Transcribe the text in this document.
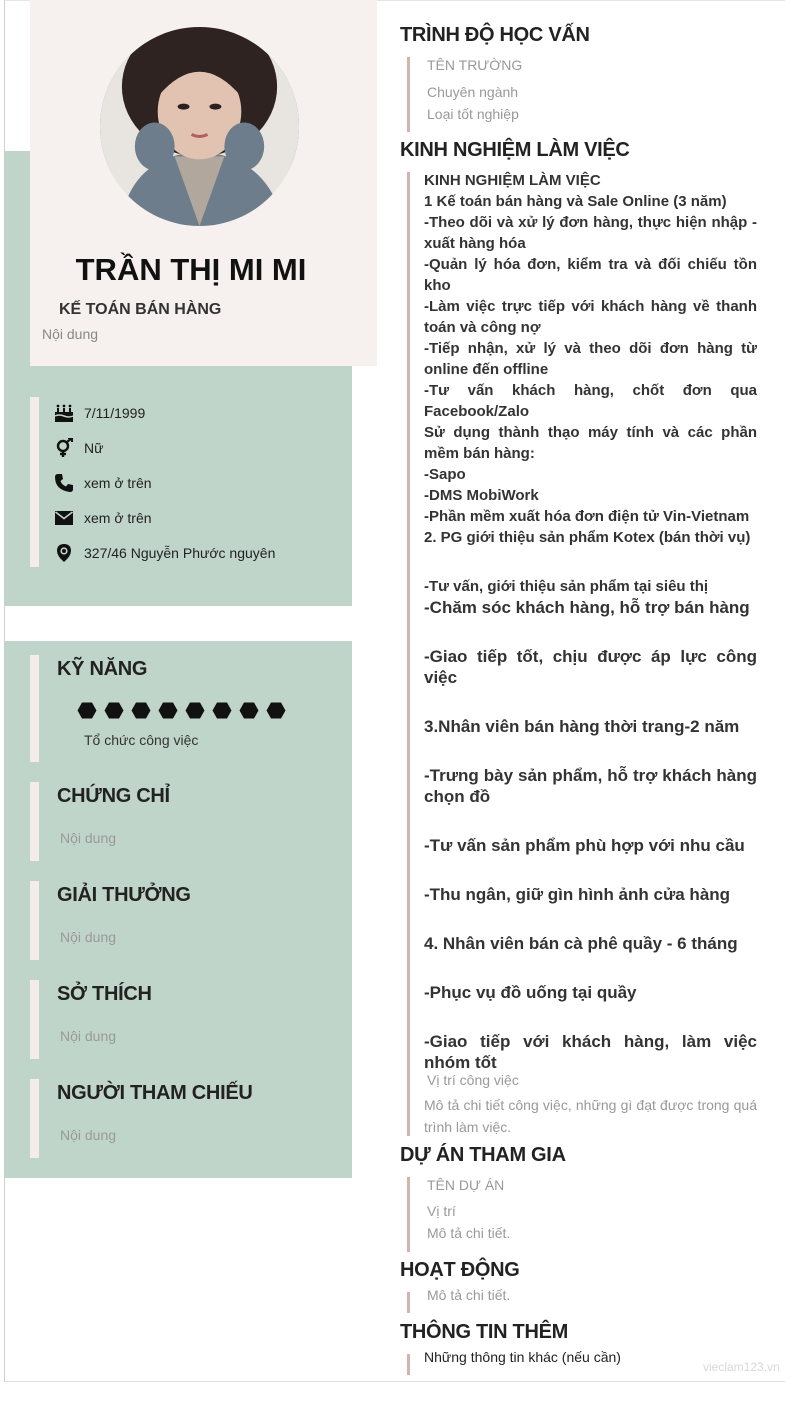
TRẦN THỊ MI MI
KẾ TOÁN BÁN HÀNG
Nội dung
7/11/1999
Nữ
xem ở trên
xem ở trên
327/46 Nguyễn Phước nguyên
KỸ NĂNG
Tổ chức công việc
CHỨNG CHỈ
Nội dung
GIẢI THƯỞNG
Nội dung
SỞ THÍCH
Nội dung
NGƯỜI THAM CHIẾU
Nội dung
TRÌNH ĐỘ HỌC VẤN
TÊN TRƯỜNG
Chuyên ngành
Loại tốt nghiệp
KINH NGHIỆM LÀM VIỆC

KINH NGHIỆM LÀM VIỆC

1 Kế toán bán hàng và Sale Online (3 năm)

-Theo dõi và xử lý đơn hàng, thực hiện nhập - xuất hàng hóa

-Quản lý hóa đơn, kiểm tra và đối chiếu tồn kho

-Làm việc trực tiếp với khách hàng về thanh toán và công nợ

-Tiếp nhận, xử lý và theo dõi đơn hàng từ online đến offline

-Tư vấn khách hàng, chốt đơn qua Facebook/Zalo

Sử dụng thành thạo máy tính và các phần mềm bán hàng:

-Sapo

-DMS MobiWork

-Phần mềm xuất hóa đơn điện tử Vin-Vietnam

2. PG giới thiệu sản phẩm Kotex (bán thời vụ)

-Tư vấn, giới thiệu sản phẩm tại siêu thị

-Chăm sóc khách hàng, hỗ trợ bán hàng

-Giao tiếp tốt, chịu được áp lực công việc

3.Nhân viên bán hàng thời trang-2 năm

-Trưng bày sản phẩm, hỗ trợ khách hàng chọn đồ

-Tư vấn sản phẩm phù hợp với nhu cầu

-Thu ngân, giữ gìn hình ảnh cửa hàng

4. Nhân viên bán cà phê quầy - 6 tháng

-Phục vụ đồ uống tại quầy

-Giao tiếp với khách hàng, làm việc nhóm tốt

Vị trí công việc
Mô tả chi tiết công việc, những gì đạt được trong quá trình làm việc.
DỰ ÁN THAM GIA
TÊN DỰ ÁN
Vị trí
Mô tả chi tiết.
HOẠT ĐỘNG
Mô tả chi tiết.
THÔNG TIN THÊM
Những thông tin khác (nếu cần)
vieclam123.vn
